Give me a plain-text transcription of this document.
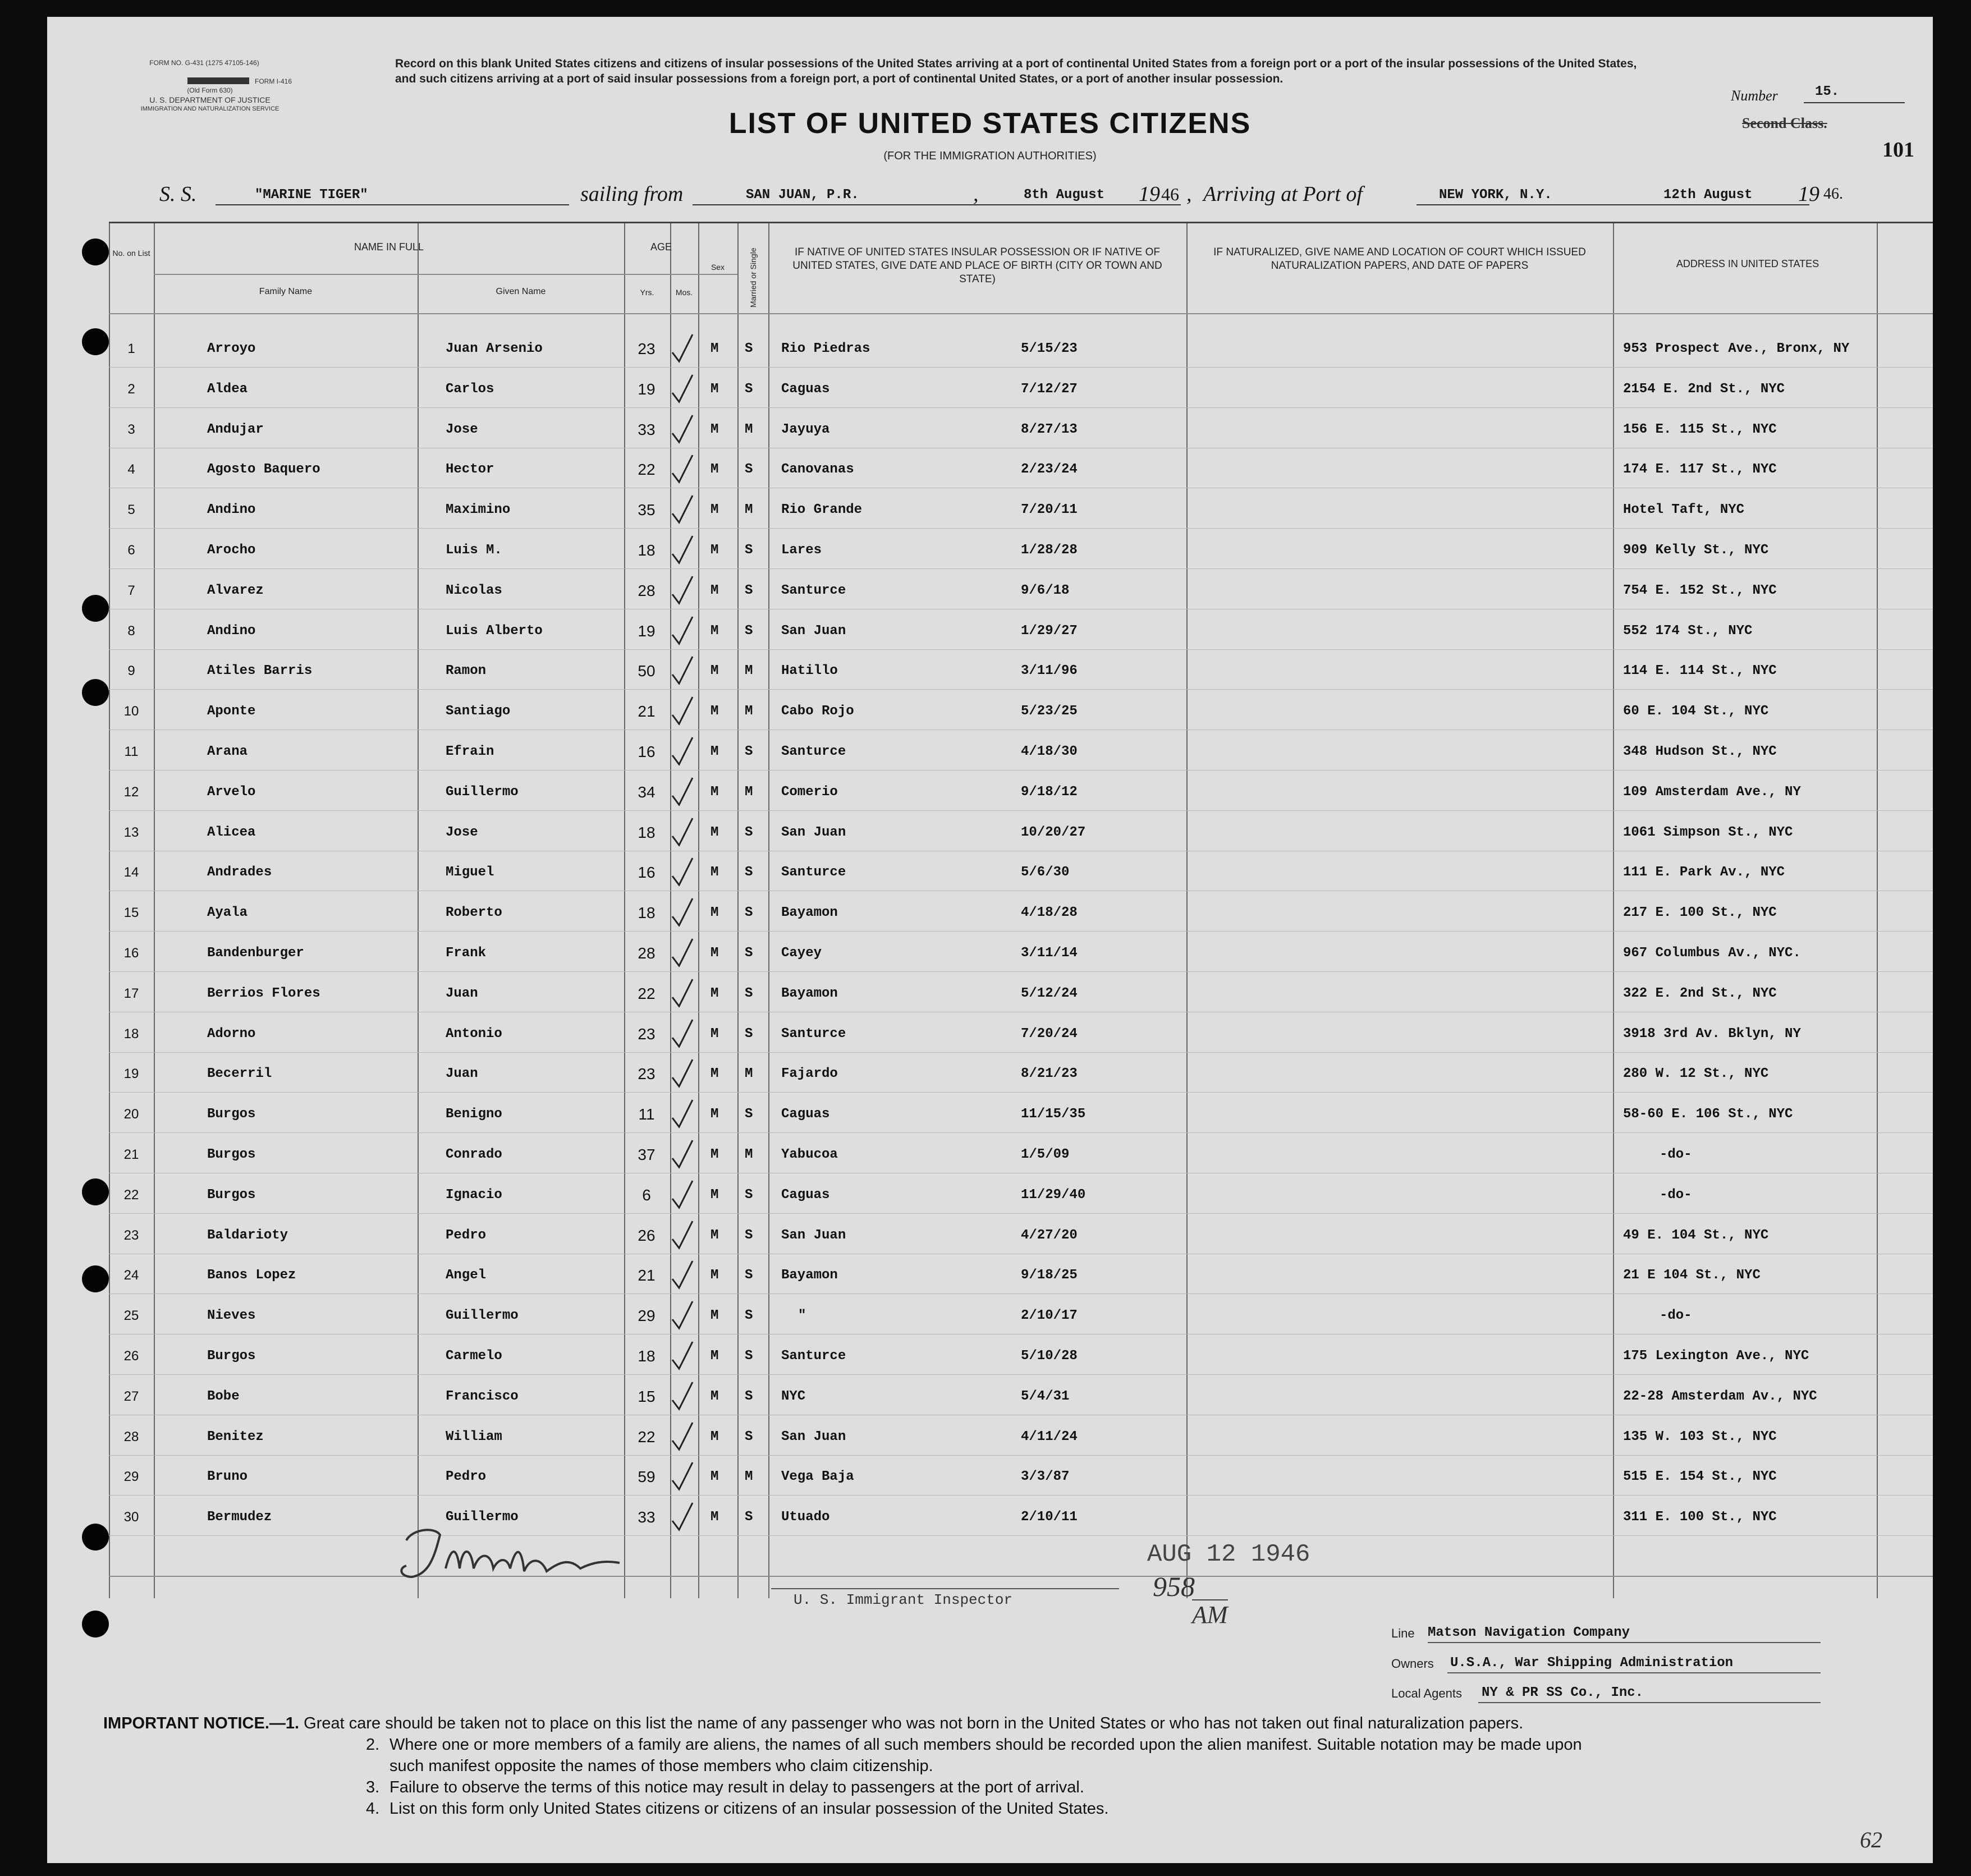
FORM NO. G-431 (1275 47105-146)
FORM I-416
(Old Form 630)
U. S. DEPARTMENT OF JUSTICE
IMMIGRATION AND NATURALIZATION SERVICE
Record on this blank United States citizens and citizens of insular possessions of the United States arriving at a port of continental United States from a foreign port or a port of the insular possessions of the United States, and such citizens arriving at a port of said insular possessions from a foreign port, a port of continental United States, or a port of another insular possession.
Number	15.
Second Class.
101
LIST OF UNITED STATES CITIZENS
(FOR THE IMMIGRATION AUTHORITIES)
S. S.	"MARINE TIGER"	sailing from	SAN JUAN, P.R.	,	8th August 19 46 , Arriving at Port of	NEW YORK, N.Y.	12th August 19 46.
No. on List
NAME IN FULL
Family Name	Given Name
AGE
Yrs.	Mos.
Sex	Married or Single	IF NATIVE OF UNITED STATES INSULAR POSSESSION OR IF NATIVE OF UNITED STATES, GIVE DATE AND PLACE OF BIRTH (CITY OR TOWN AND STATE)
IF NATURALIZED, GIVE NAME AND LOCATION OF COURT WHICH ISSUED NATURALIZATION PAPERS, AND DATE OF PAPERS	ADDRESS IN UNITED STATES
1	Arroyo	Juan Arsenio	23	M S Rio Piedras	5/15/23	953 Prospect Ave., Bronx, NY
2	Aldea	Carlos	19	M S Caguas	7/12/27	2154 E. 2nd St., NYC
3	Andujar	Jose	33	M M Jayuya	8/27/13	156 E. 115 St., NYC
4	Agosto Baquero	Hector	22	M S Canovanas	2/23/24	174 E. 117 St., NYC
5	Andino	Maximino	35	M M Rio Grande	7/20/11	Hotel Taft, NYC
6	Arocho	Luis M.	18	M S Lares	1/28/28	909 Kelly St., NYC
7	Alvarez	Nicolas	28	M S Santurce	9/6/18	754 E. 152 St., NYC
8	Andino	Luis Alberto	19	M S San Juan	1/29/27	552 174 St., NYC
9	Atiles Barris	Ramon	50	M M Hatillo	3/11/96	114 E. 114 St., NYC
10	Aponte	Santiago	21	M M Cabo Rojo	5/23/25	60 E. 104 St., NYC
11	Arana	Efrain	16	M S Santurce	4/18/30	348 Hudson St., NYC
12	Arvelo	Guillermo	34	M M Comerio	9/18/12	109 Amsterdam Ave., NY
13	Alicea	Jose	18	M S San Juan	10/20/27	1061 Simpson St., NYC
14	Andrades	Miguel	16	M S Santurce	5/6/30	111 E. Park Av., NYC
15	Ayala	Roberto	18	M S Bayamon	4/18/28	217 E. 100 St., NYC
16	Bandenburger	Frank	28	M S Cayey	3/11/14	967 Columbus Av., NYC.
17	Berrios Flores	Juan	22	M S Bayamon	5/12/24	322 E. 2nd St., NYC
18	Adorno	Antonio	23	M S Santurce	7/20/24	3918 3rd Av. Bklyn, NY
19	Becerril	Juan	23	M M Fajardo	8/21/23	280 W. 12 St., NYC
20	Burgos	Benigno	11	M S Caguas	11/15/35	58-60 E. 106 St., NYC
21	Burgos	Conrado	37	M M Yabucoa	1/5/09	-do-
22	Burgos	Ignacio	6	M S Caguas	11/29/40	-do-
23	Baldarioty	Pedro	26	M S San Juan	4/27/20	49 E. 104 St., NYC
24	Banos Lopez	Angel	21	M S Bayamon	9/18/25	21 E 104 St., NYC
25	Nieves	Guillermo	29	M S	"	2/10/17	-do-
26	Burgos	Carmelo	18	M S Santurce	5/10/28	175 Lexington Ave., NYC
27	Bobe	Francisco	15	M S NYC	5/4/31	22-28 Amsterdam Av., NYC
28	Benitez	William	22	M S San Juan	4/11/24	135 W. 103 St., NYC
29	Bruno	Pedro	59	M M Vega Baja	3/3/87	515 E. 154 St., NYC
30	Bermudez	Guillermo	33	M S Utuado	2/10/11	311 E. 100 St., NYC
J Moshman
AUG 12 1946
958
AM
U. S. Immigrant Inspector
Line Matson Navigation Company
Owners U.S.A., War Shipping Administration
Local Agents NY & PR SS Co., Inc.
IMPORTANT NOTICE.—1. Great care should be taken not to place on this list the name of any passenger who was not born in the United States or who has not taken out final naturalization papers.
2. Where one or more members of a family are aliens, the names of all such members should be recorded upon the alien manifest. Suitable notation may be made upon
such manifest opposite the names of those members who claim citizenship.
3. Failure to observe the terms of this notice may result in delay to passengers at the port of arrival.
4. List on this form only United States citizens or citizens of an insular possession of the United States.
62
